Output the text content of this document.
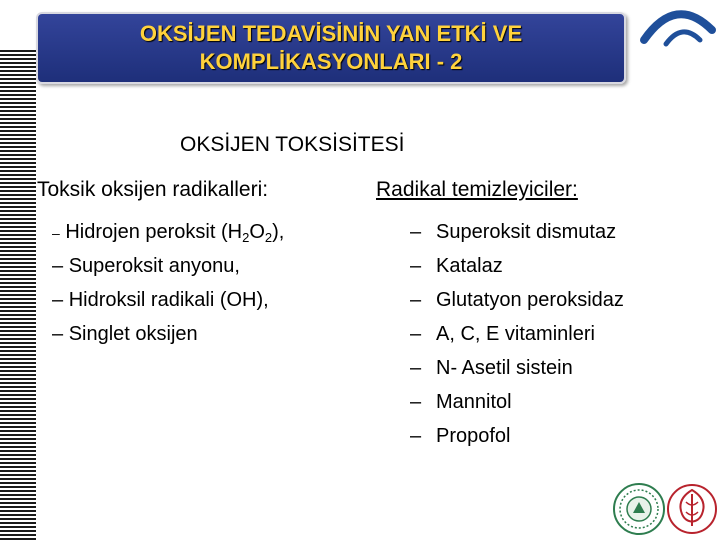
OKSİJEN TEDAVİSİNİN YAN ETKİ VE
KOMPLİKASYONLARI - 2
OKSİJEN TOKSİSİTESİ
Toksik oksijen radikalleri:	Radikal temizleyiciler:
– Hidrojen peroksit $(H_2O_2)$,
– Superoksit anyonu,
– Hidroksil radikali (OH),
– Singlet oksijen
– Superoksit dismutaz
– Katalaz
– Glutatyon peroksidaz
– A, C, E vitaminleri
– N- Asetil sistein
– Mannitol
– Propofol
